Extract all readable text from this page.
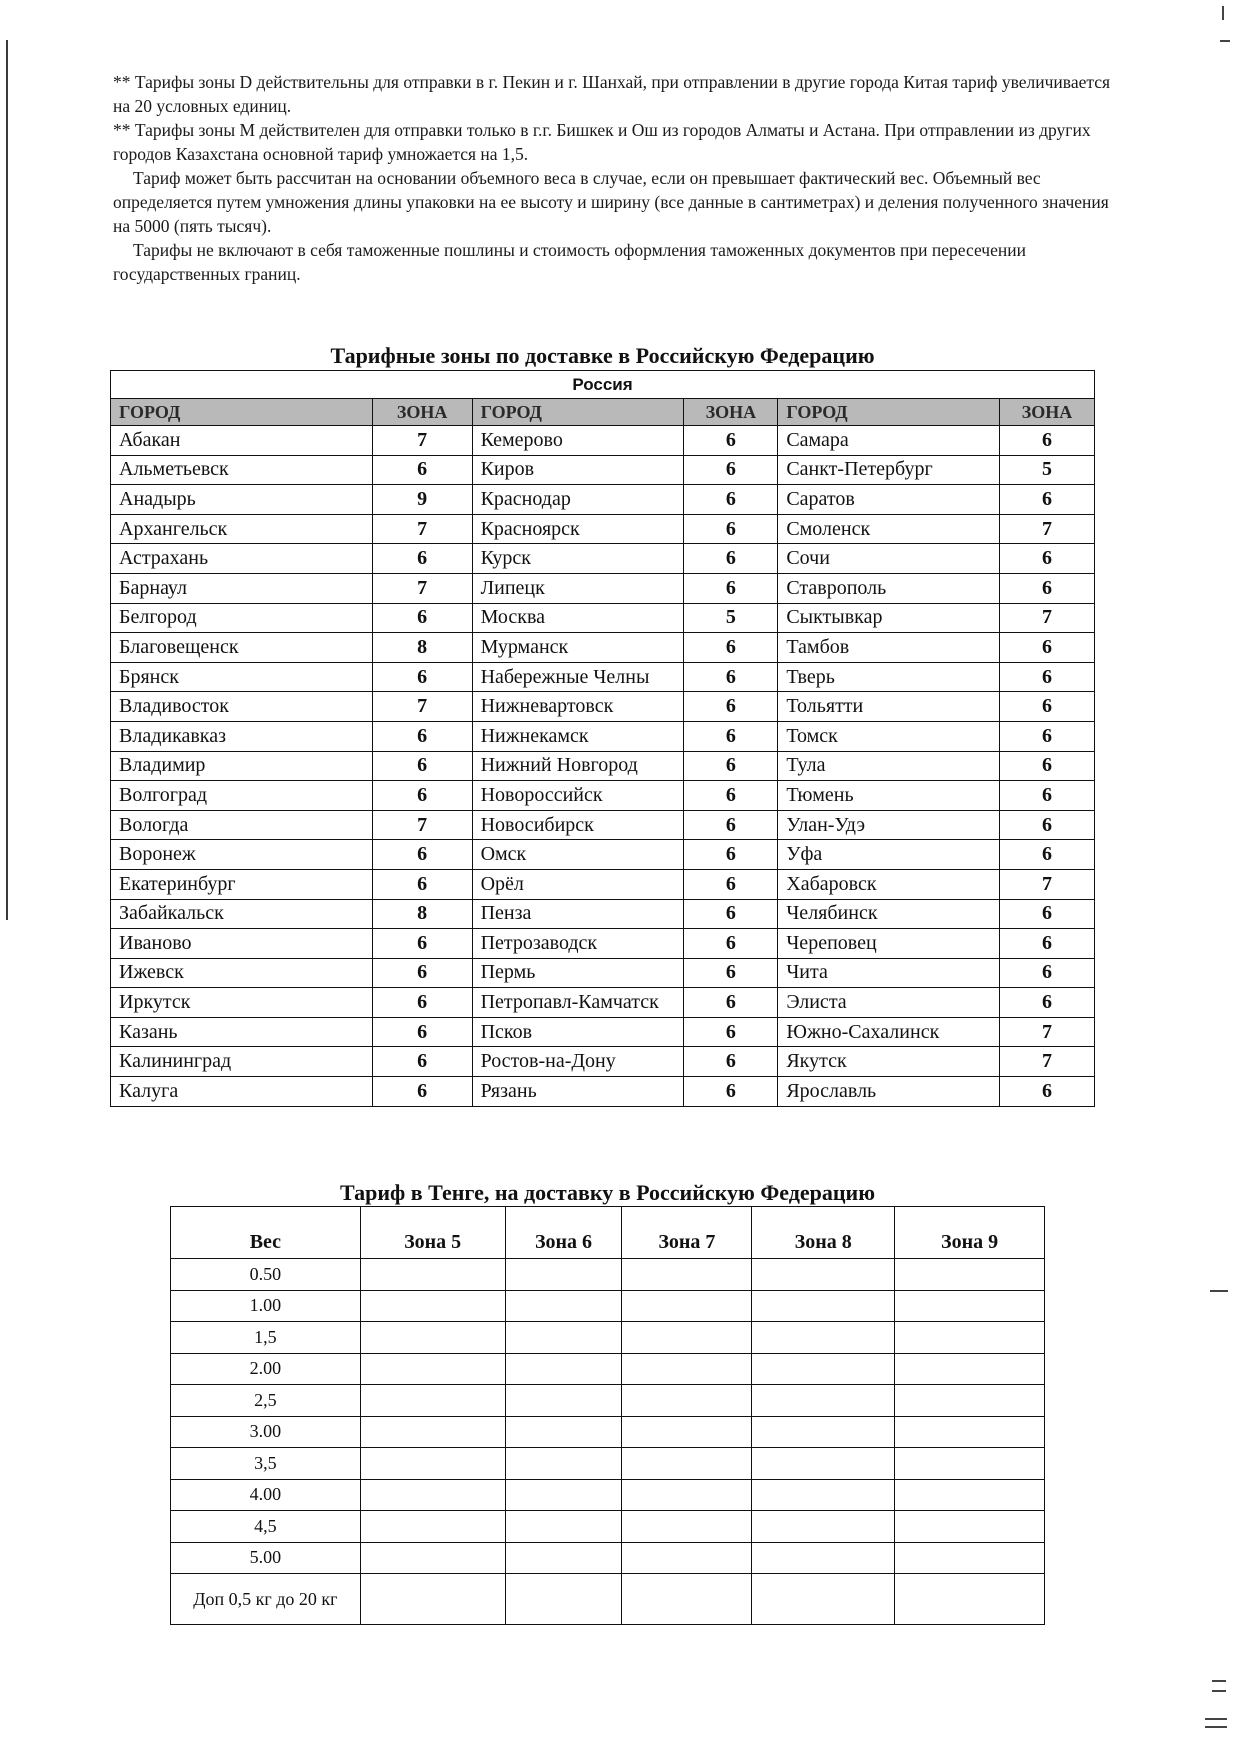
** Тарифы зоны D действительны для отправки в г. Пекин и г. Шанхай, при отправлении в другие города Китая тариф увеличивается на 20 условных единиц.

** Тарифы зоны M действителен для отправки только в г.г. Бишкек и Ош из городов Алматы и Астана. При отправлении из других городов Казахстана основной тариф умножается на 1,5.

Тариф может быть рассчитан на основании объемного веса в случае, если он превышает фактический вес. Объемный вес определяется путем умножения длины упаковки на ее высоту и ширину (все данные в сантиметрах) и деления полученного значения на 5000 (пять тысяч).

Тарифы не включают в себя таможенные пошлины и стоимость оформления таможенных документов при пересечении государственных границ.

Тарифные зоны по доставке в Российскую Федерацию
Россия					
ГОРОД	ЗОНА	ГОРОД	ЗОНА	ГОРОД	ЗОНА
Абакан	7	Кемерово	6	Самара	6
Альметьевск	6	Киров	6	Санкт-Петербург	5
Анадырь	9	Краснодар	6	Саратов	6
Архангельск	7	Красноярск	6	Смоленск	7
Астрахань	6	Курск	6	Сочи	6
Барнаул	7	Липецк	6	Ставрополь	6
Белгород	6	Москва	5	Сыктывкар	7
Благовещенск	8	Мурманск	6	Тамбов	6
Брянск	6	Набережные Челны	6	Тверь	6
Владивосток	7	Нижневартовск	6	Тольятти	6
Владикавказ	6	Нижнекамск	6	Томск	6
Владимир	6	Нижний Новгород	6	Тула	6
Волгоград	6	Новороссийск	6	Тюмень	6
Вологда	7	Новосибирск	6	Улан-Удэ	6
Воронеж	6	Омск	6	Уфа	6
Екатеринбург	6	Орёл	6	Хабаровск	7
Забайкальск	8	Пенза	6	Челябинск	6
Иваново	6	Петрозаводск	6	Череповец	6
Ижевск	6	Пермь	6	Чита	6
Иркутск	6	Петропавл-Камчатск	6	Элиста	6
Казань	6	Псков	6	Южно-Сахалинск	7
Калининград	6	Ростов-на-Дону	6	Якутск	7
Калуга	6	Рязань	6	Ярославль	6
Тариф в Тенге, на доставку в Российскую Федерацию
Вес	Зона 5	Зона 6	Зона 7	Зона 8	Зона 9
0.50					
1.00					
1,5					
2.00					
2,5					
3.00					
3,5					
4.00					
4,5					
5.00					
Доп 0,5 кг до 20 кг					
